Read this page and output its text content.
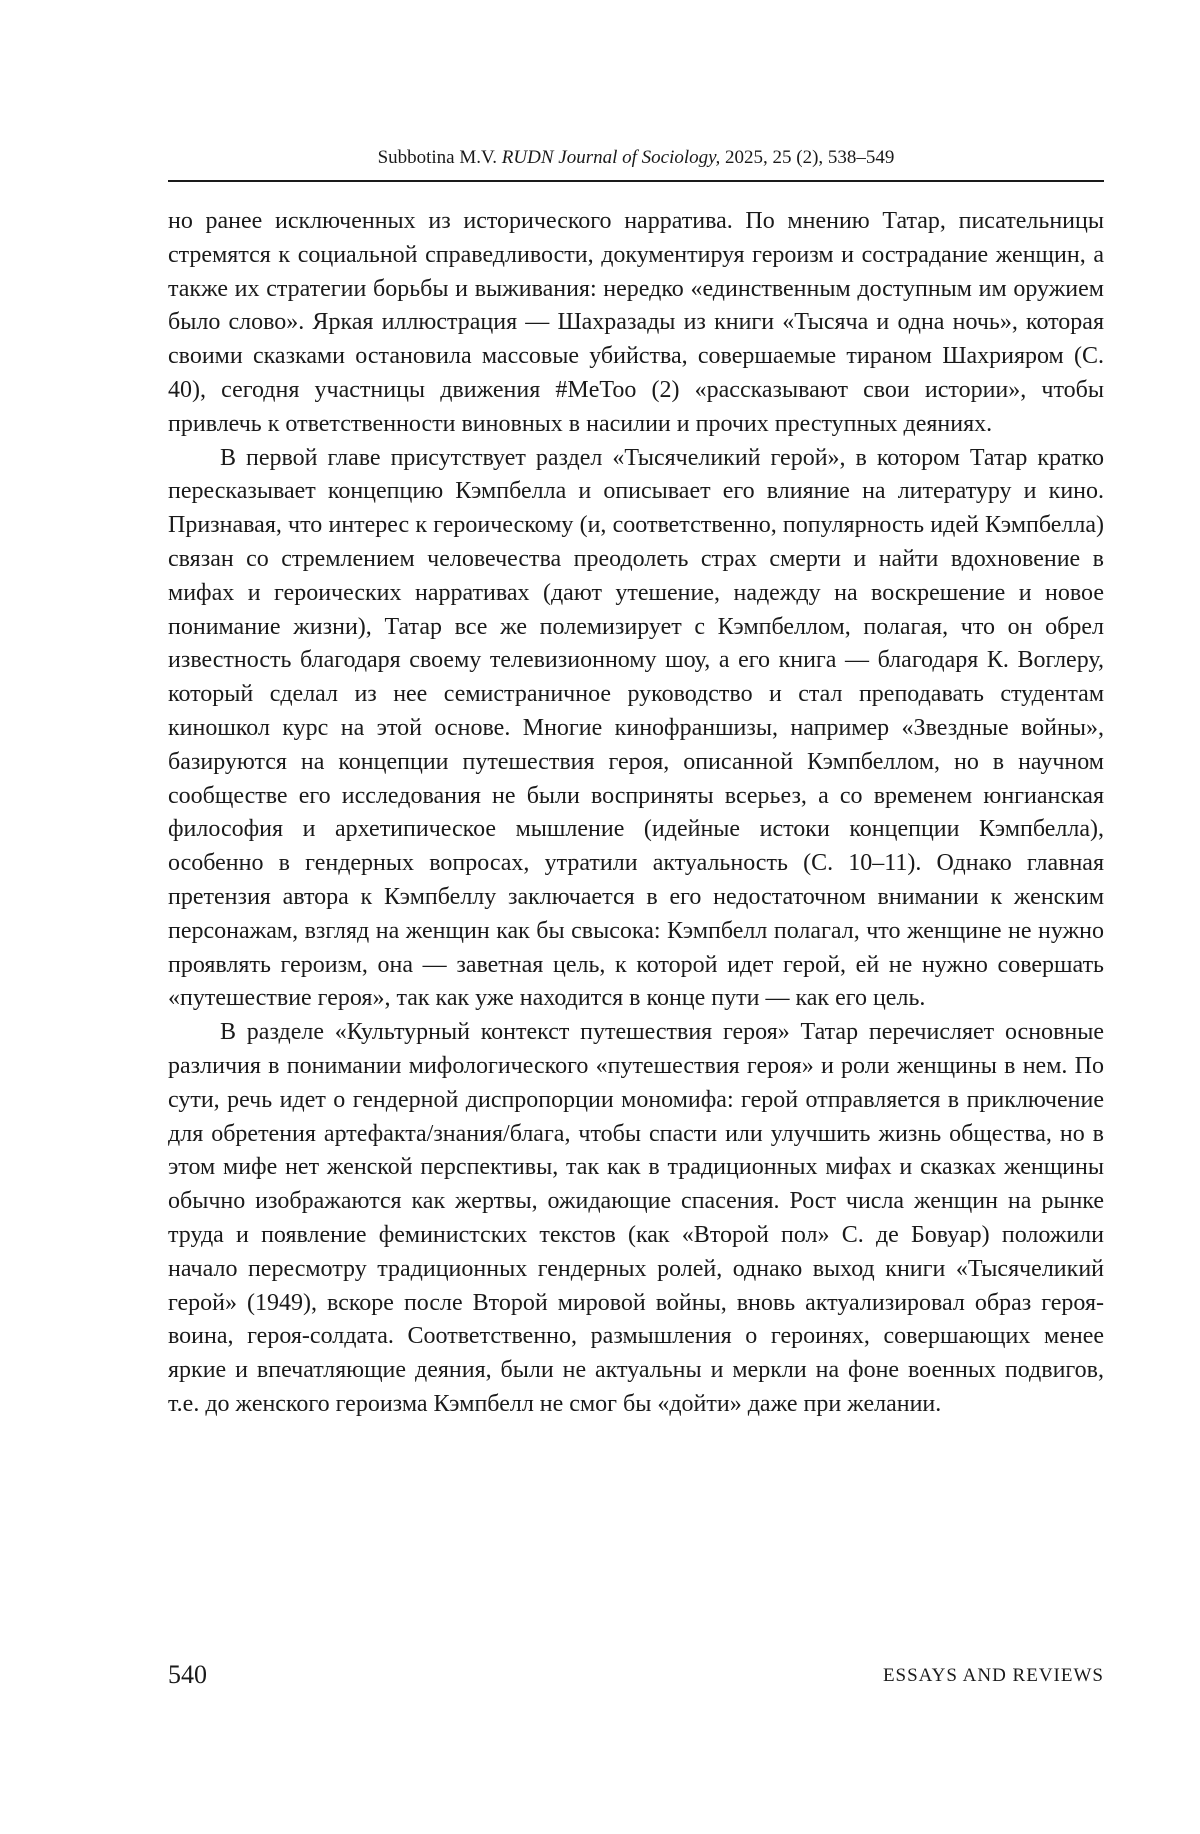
Subbotina M.V. RUDN Journal of Sociology, 2025, 25 (2), 538–549

но ранее исключенных из исторического нарратива. По мнению Татар, писательницы стремятся к социальной справедливости, документируя героизм и сострадание женщин, а также их стратегии борьбы и выживания: нередко «единственным доступным им оружием было слово». Яркая иллюстрация — Шахразады из книги «Тысяча и одна ночь», которая своими сказками остановила массовые убийства, совершаемые тираном Шахрияром (С. 40), сегодня участницы движения #MeToo (2) «рассказывают свои истории», чтобы привлечь к ответственности виновных в насилии и прочих преступных деяниях.

В первой главе присутствует раздел «Тысячеликий герой», в котором Татар кратко пересказывает концепцию Кэмпбелла и описывает его влияние на литературу и кино. Признавая, что интерес к героическому (и, соответственно, популярность идей Кэмпбелла) связан со стремлением человечества преодолеть страх смерти и найти вдохновение в мифах и героических нарративах (дают утешение, надежду на воскрешение и новое понимание жизни), Татар все же полемизирует с Кэмпбеллом, полагая, что он обрел известность благодаря своему телевизионному шоу, а его книга — благодаря К. Воглеру, который сделал из нее семистраничное руководство и стал преподавать студентам киношкол курс на этой основе. Многие кинофраншизы, например «Звездные войны», базируются на концепции путешествия героя, описанной Кэмпбеллом, но в научном сообществе его исследования не были восприняты всерьез, а со временем юнгианская философия и архетипическое мышление (идейные истоки концепции Кэмпбелла), особенно в гендерных вопросах, утратили актуальность (С. 10–11). Однако главная претензия автора к Кэмпбеллу заключается в его недостаточном внимании к женским персонажам, взгляд на женщин как бы свысока: Кэмпбелл полагал, что женщине не нужно проявлять героизм, она — заветная цель, к которой идет герой, ей не нужно совершать «путешествие героя», так как уже находится в конце пути — как его цель.

В разделе «Культурный контекст путешествия героя» Татар перечисляет основные различия в понимании мифологического «путешествия героя» и роли женщины в нем. По сути, речь идет о гендерной диспропорции мономифа: герой отправляется в приключение для обретения артефакта/знания/блага, чтобы спасти или улучшить жизнь общества, но в этом мифе нет женской перспективы, так как в традиционных мифах и сказках женщины обычно изображаются как жертвы, ожидающие спасения. Рост числа женщин на рынке труда и появление феминистских текстов (как «Второй пол» С. де Бовуар) положили начало пересмотру традиционных гендерных ролей, однако выход книги «Тысячеликий герой» (1949), вскоре после Второй мировой войны, вновь актуализировал образ героя-воина, героя-солдата. Соответственно, размышления о героинях, совершающих менее яркие и впечатляющие деяния, были не актуальны и меркли на фоне военных подвигов, т.е. до женского героизма Кэмпбелл не смог бы «дойти» даже при желании.

540	ESSAYS AND REVIEWS
